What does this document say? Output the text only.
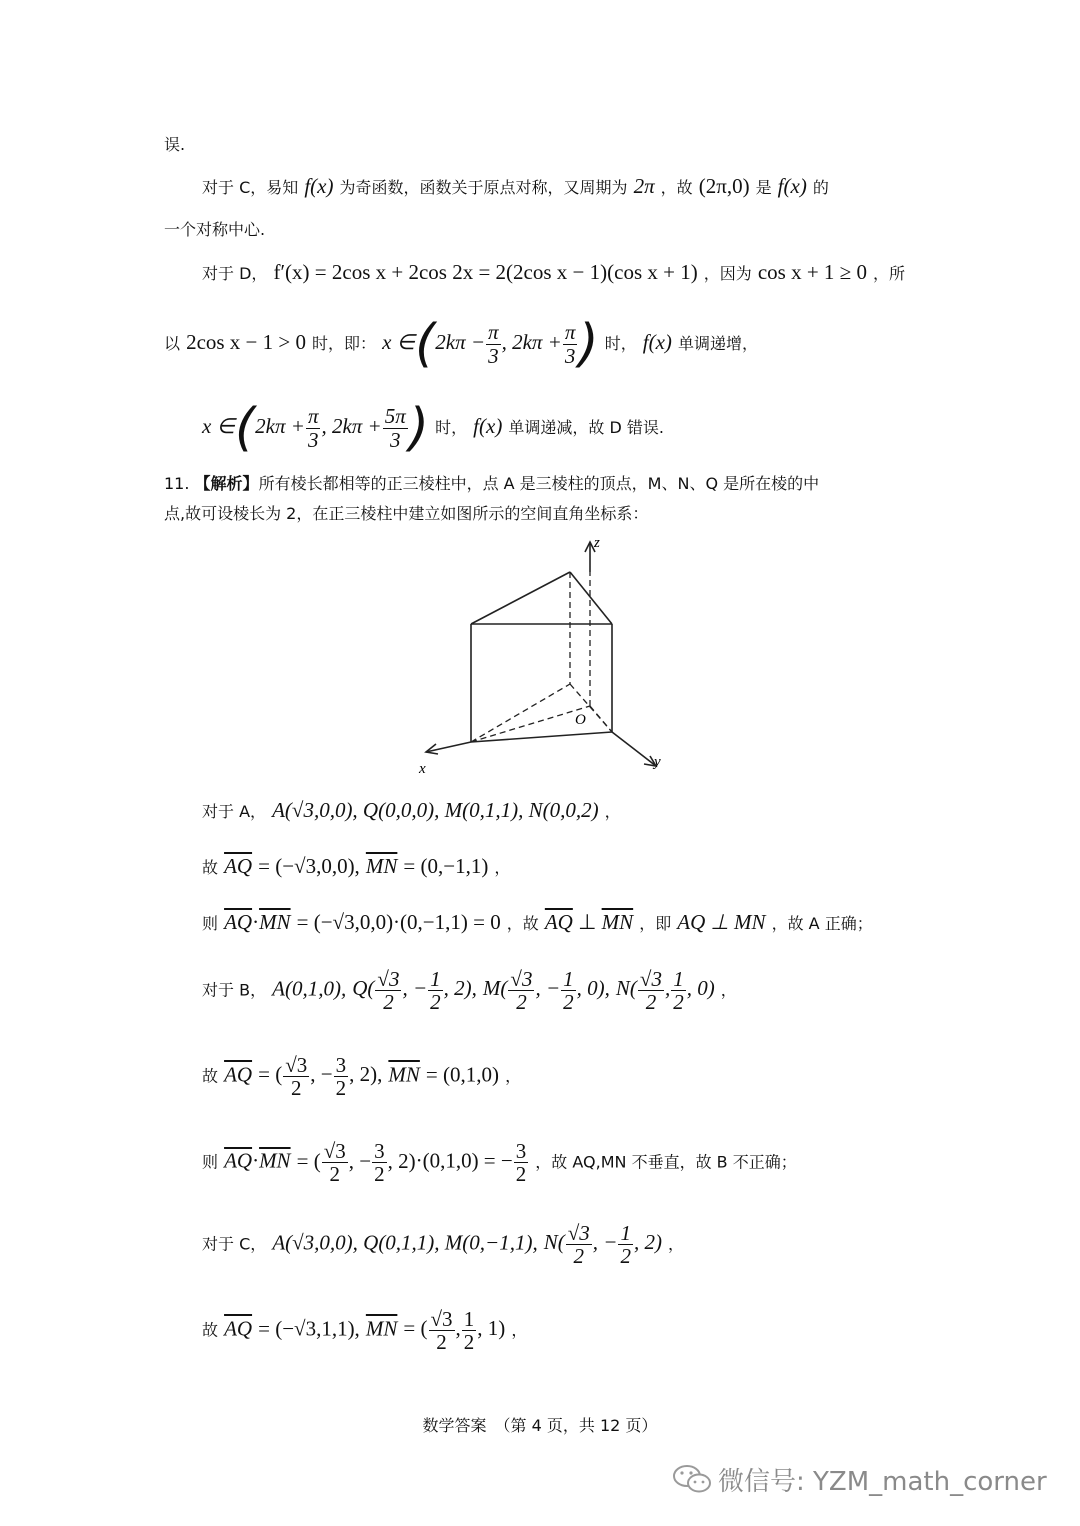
误.
对于 C，易知 f(x) 为奇函数，函数关于原点对称，又周期为 2π ，故 (2π,0) 是 f(x) 的
一个对称中心.
对于 D， f′(x) = 2cos x + 2cos 2x = 2(2cos x − 1)(cos x + 1) ，因为 cos x + 1 ≥ 0 ，所
以 2cos x − 1 > 0 时，即： x ∈(2kπ − $\frac{\pi}{3}$ , $2k\pi + \frac{\pi}{3}$ ) 时， f(x) 单调递增，
x ∈(2kπ + $\frac{\pi}{3}$ , $2k\pi + \frac{5\pi}{3}$ ) 时， f(x) 单调递减，故 D 错误.
11. 【解析】所有棱长都相等的正三棱柱中，点 A 是三棱柱的顶点，M、N、Q 是所在棱的中
点,故可设棱长为 2，在正三棱柱中建立如图所示的空间直角坐标系：
x	y
z
O
对于 A， A(√3,0,0), Q(0,0,0), M(0,1,1), N(0,0,2) ，
故 $\overline{AQ} = (-√3,0,0)$, $\overline{MN} = (0,-1,1)$ ，
则 $\overline{AQ}\cdot\overline{MN} = (-√3,0,0)\cdot(0,-1,1) = 0$ ，故 $\overline{AQ}$ ⊥ $\overline{MN}$ ，即 AQ ⊥ MN ，故 A 正确；
对于 B， A(0,1,0), $Q( \frac{√3}{2}$ , − $\frac{1}{2}$ , 2), $M( \frac{√3}{2}$ , − $\frac{1}{2}$ , 0), $N( \frac{√3}{2}$ , $\frac{1}{2}$ , 0) ，
故 $\overline{AQ}$ = ( $\frac{√3}{2}$ , − $\frac{3}{2}$ , 2), $\overline{MN} = (0,1,0)$ ，
则 $\overline{AQ}\cdot\overline{MN}$ = ( $\frac{√3}{2}$ , − $\frac{3}{2}$ , 2)·(0,1,0) = − $\frac{3}{2}$ ，故 AQ,MN 不垂直，故 B 不正确；
对于 C， A(√3,0,0), Q(0,1,1), M(0,−1,1), $N( \frac{√3}{2}$ , − $\frac{1}{2}$ , 2) ，
故 $\overline{AQ} = (-√3,1,1)$, $\overline{MN}$ = ( $\frac{√3}{2}$ , $\frac{1}{2}$ , 1) ，
数学答案　（第 4 页，共 12 页）
微信号: YZM_math_corner
